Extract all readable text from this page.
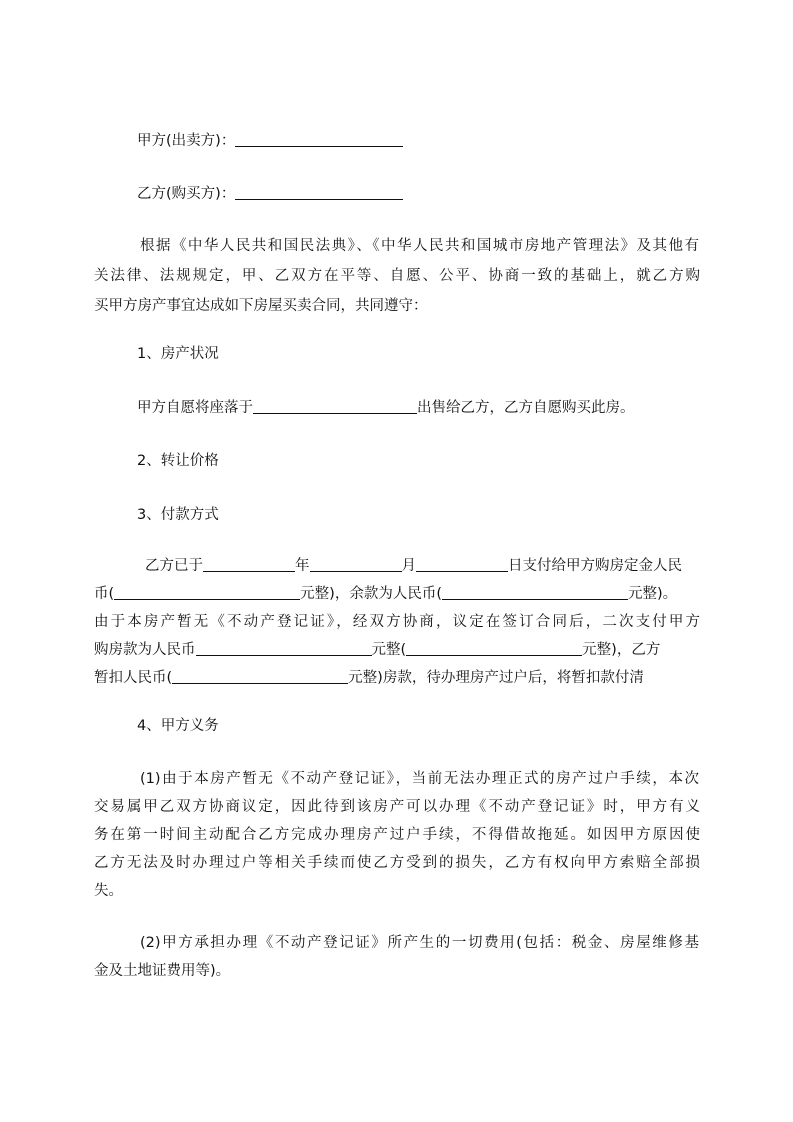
甲方(出卖方)：
乙方(购买方)：
根据《中华人民共和国民法典》、《中华人民共和国城市房地产管理法》及其他有
关法律、法规规定，甲、乙双方在平等、自愿、公平、协商一致的基础上，就乙方购
买甲方房产事宜达成如下房屋买卖合同，共同遵守：
1、房产状况
甲方自愿将座落于	出售给乙方，乙方自愿购买此房。
2、转让价格
3、付款方式
乙方已于	年	月	日支付给甲方购房定金人民
币(	元整)，余款为人民币(	元整)。
由于本房产暂无《不动产登记证》，经双方协商，议定在签订合同后，二次支付甲方
购房款为人民币	元整(	元整)，乙方
暂扣人民币(	元整)房款，待办理房产过户后，将暂扣款付清
4、甲方义务
(1)由于本房产暂无《不动产登记证》，当前无法办理正式的房产过户手续，本次
交易属甲乙双方协商议定，因此待到该房产可以办理《不动产登记证》时，甲方有义
务在第一时间主动配合乙方完成办理房产过户手续，不得借故拖延。如因甲方原因使
乙方无法及时办理过户等相关手续而使乙方受到的损失，乙方有权向甲方索赔全部损
失。
(2)甲方承担办理《不动产登记证》所产生的一切费用(包括：税金、房屋维修基
金及土地证费用等)。
